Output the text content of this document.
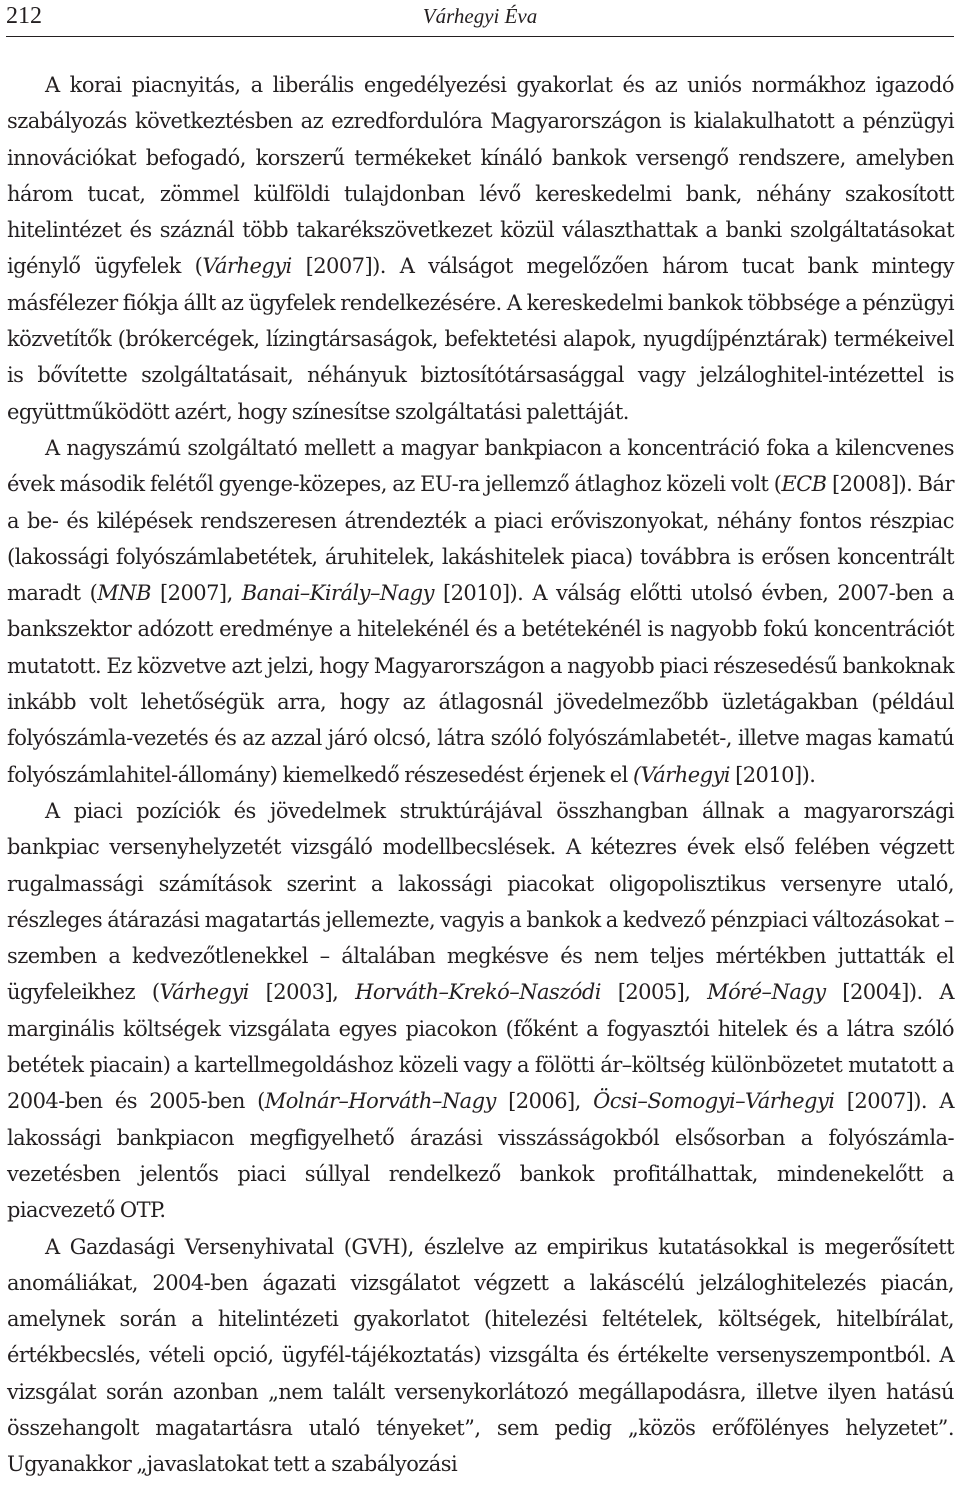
212	Várhegyi Éva

A korai piacnyitás, a liberális engedélyezési gyakorlat és az uniós normákhoz igazodó szabályozás következtésben az ezredfordulóra Magyarországon is kialakulhatott a pénzügyi innovációkat befogadó, korszerű termékeket kínáló bankok versengő rendszere, amelyben három tucat, zömmel külföldi tulajdonban lévő kereskedelmi bank, néhány szakosított hitelintézet és száznál több takarékszövetkezet közül választhattak a banki szolgáltatásokat igénylő ügyfelek (Várhegyi [2007]). A válságot megelőzően három tucat bank mintegy másfélezer fiókja állt az ügyfelek rendelkezésére. A kereskedelmi bankok többsége a pénzügyi közvetítők (brókercégek, lízingtársaságok, befektetési alapok, nyugdíjpénztárak) termékeivel is bővítette szolgáltatásait, néhányuk biztosítótársasággal vagy jelzáloghitel-intézettel is együttműködött azért, hogy színesítse szolgáltatási palettáját.

A nagyszámú szolgáltató mellett a magyar bankpiacon a koncentráció foka a kilencvenes évek második felétől gyenge-közepes, az EU-ra jellemző átlaghoz közeli volt (ECB [2008]). Bár a be- és kilépések rendszeresen átrendezték a piaci erőviszonyokat, néhány fontos részpiac (lakossági folyószámlabetétek, áruhitelek, lakáshitelek piaca) továbbra is erősen koncentrált maradt (MNB [2007], Banai–Király–Nagy [2010]). A válság előtti utolsó évben, 2007-ben a bankszektor adózott eredménye a hitelekénél és a betétekénél is nagyobb fokú koncentrációt mutatott. Ez közvetve azt jelzi, hogy Magyarországon a nagyobb piaci részesedésű bankoknak inkább volt lehetőségük arra, hogy az átlagosnál jövedelmezőbb üzletágakban (például folyószámla-vezetés és az azzal járó olcsó, látra szóló folyószámlabetét-, illetve magas kamatú folyószámlahitel-állomány) kiemelkedő részesedést érjenek el (Várhegyi [2010]).

A piaci pozíciók és jövedelmek struktúrájával összhangban állnak a magyarországi bankpiac versenyhelyzetét vizsgáló modellbecslések. A kétezres évek első felében végzett rugalmassági számítások szerint a lakossági piacokat oligopolisztikus versenyre utaló, részleges átárazási magatartás jellemezte, vagyis a bankok a kedvező pénzpiaci változásokat – szemben a kedvezőtlenekkel – általában megkésve és nem teljes mértékben juttatták el ügyfeleikhez (Várhegyi [2003], Horváth–Krekó–Naszódi [2005], Móré–Nagy [2004]). A marginális költségek vizsgálata egyes piacokon (főként a fogyasztói hitelek és a látra szóló betétek piacain) a kartellmegoldáshoz közeli vagy a fölötti ár–költség különbözetet mutatott a 2004-ben és 2005-ben (Molnár–Horváth–Nagy [2006], Öcsi–Somogyi–Várhegyi [2007]). A lakossági bankpiacon megfigyelhető árazási visszásságokból elsősorban a folyószámla-vezetésben jelentős piaci súllyal rendelkező bankok profitálhattak, mindenekelőtt a piacvezető OTP.

A Gazdasági Versenyhivatal (GVH), észlelve az empirikus kutatásokkal is megerősített anomáliákat, 2004-ben ágazati vizsgálatot végzett a lakáscélú jelzáloghitelezés piacán, amelynek során a hitelintézeti gyakorlatot (hitelezési feltételek, költségek, hitelbírálat, értékbecslés, vételi opció, ügyfél-tájékoztatás) vizsgálta és értékelte versenyszempontból. A vizsgálat során azonban „nem talált versenykorlátozó megállapodásra, illetve ilyen hatású összehangolt magatartásra utaló tényeket”, sem pedig „közös erőfölényes helyzetet”. Ugyanakkor „javaslatokat tett a szabályozási
